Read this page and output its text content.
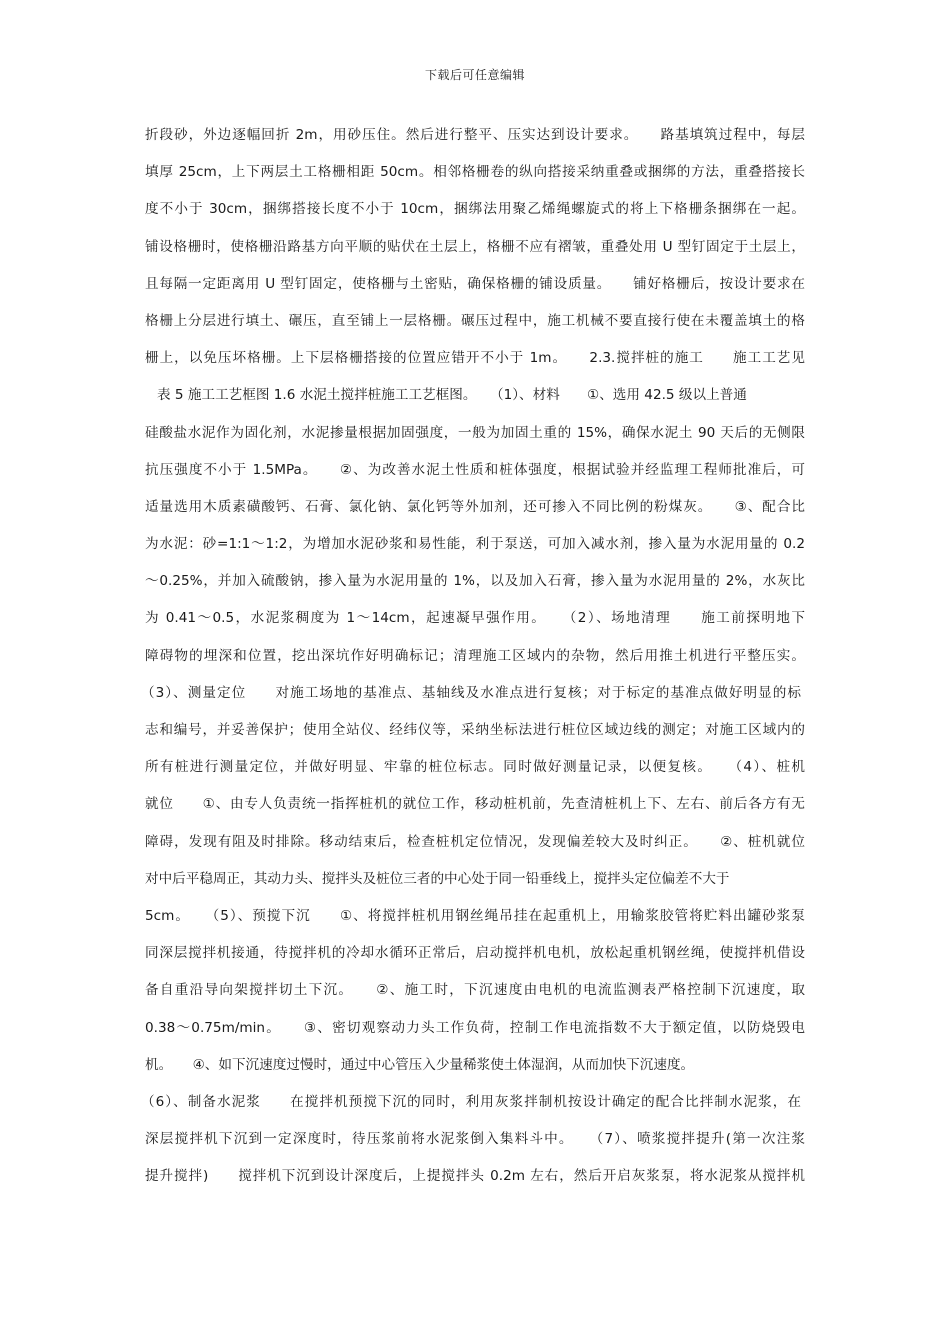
下载后可任意编辑
折段砂，外边逐幅回折 2m，用砂压住。然后进行整平、压实达到设计要求。　　路基填筑过程中，每层
填厚 25cm，上下两层土工格栅相距 50cm。相邻格栅卷的纵向搭接采纳重叠或捆绑的方法，重叠搭接长
度不小于 30cm，捆绑搭接长度不小于 10cm，捆绑法用聚乙烯绳螺旋式的将上下格栅条捆绑在一起。
铺设格栅时，使格栅沿路基方向平顺的贴伏在土层上，格栅不应有褶皱，重叠处用 U 型钉固定于土层上，
且每隔一定距离用 U 型钉固定，使格栅与土密贴，确保格栅的铺设质量。　　铺好格栅后，按设计要求在
格栅上分层进行填土、碾压，直至铺上一层格栅。碾压过程中，施工机械不要直接行使在未覆盖填土的格
栅上，以免压坏格栅。上下层格栅搭接的位置应错开不小于 1m。　　2.3.搅拌桩的施工　　施工工艺见
表 5 施工工艺框图 1.6 水泥土搅拌桩施工工艺框图。　　（1）、材料　　①、选用 42.5 级以上普通
硅酸盐水泥作为固化剂，水泥掺量根据加固强度，一般为加固土重的 15%，确保水泥土 90 天后的无侧限
抗压强度不小于 1.5MPa。　　②、为改善水泥土性质和桩体强度，根据试验并经监理工程师批准后，可
适量选用木质素磺酸钙、石膏、氯化钠、氯化钙等外加剂，还可掺入不同比例的粉煤灰。　　③、配合比
为水泥：砂=1:1～1:2，为增加水泥砂浆和易性能，利于泵送，可加入减水剂，掺入量为水泥用量的 0.2
～0.25%，并加入硫酸钠，掺入量为水泥用量的 1%，以及加入石膏，掺入量为水泥用量的 2%，水灰比
为 0.41～0.5，水泥浆稠度为 1～14cm，起速凝早强作用。　　（2）、场地清理　　施工前探明地下
障碍物的埋深和位置，挖出深坑作好明确标记；清理施工区域内的杂物，然后用推土机进行平整压实。
（3）、测量定位　　对施工场地的基准点、基轴线及水准点进行复核；对于标定的基准点做好明显的标
志和编号，并妥善保护；使用全站仪、经纬仪等，采纳坐标法进行桩位区域边线的测定；对施工区域内的
所有桩进行测量定位，并做好明显、牢靠的桩位标志。同时做好测量记录，以便复核。　　（4）、桩机
就位　　①、由专人负责统一指挥桩机的就位工作，移动桩机前，先查清桩机上下、左右、前后各方有无
障碍，发现有阻及时排除。移动结束后，检查桩机定位情况，发现偏差较大及时纠正。　　②、桩机就位
对中后平稳周正，其动力头、搅拌头及桩位三者的中心处于同一铅垂线上，搅拌头定位偏差不大于
5cm。　　（5）、预搅下沉　　①、将搅拌桩机用钢丝绳吊挂在起重机上，用输浆胶管将贮料出罐砂浆泵
同深层搅拌机接通，待搅拌机的冷却水循环正常后，启动搅拌机电机，放松起重机钢丝绳，使搅拌机借设
备自重沿导向架搅拌切土下沉。　　②、施工时，下沉速度由电机的电流监测表严格控制下沉速度，取
0.38～0.75m/min。　　③、密切观察动力头工作负荷，控制工作电流指数不大于额定值，以防烧毁电
机。　　④、如下沉速度过慢时，通过中心管压入少量稀浆使土体湿润，从而加快下沉速度。
（6）、制备水泥浆　　在搅拌机预搅下沉的同时，利用灰浆拌制机按设计确定的配合比拌制水泥浆，在
深层搅拌机下沉到一定深度时，待压浆前将水泥浆倒入集料斗中。　　（7）、喷浆搅拌提升(第一次注浆
提升搅拌)　　搅拌机下沉到设计深度后，上提搅拌头 0.2m 左右，然后开启灰浆泵，将水泥浆从搅拌机
